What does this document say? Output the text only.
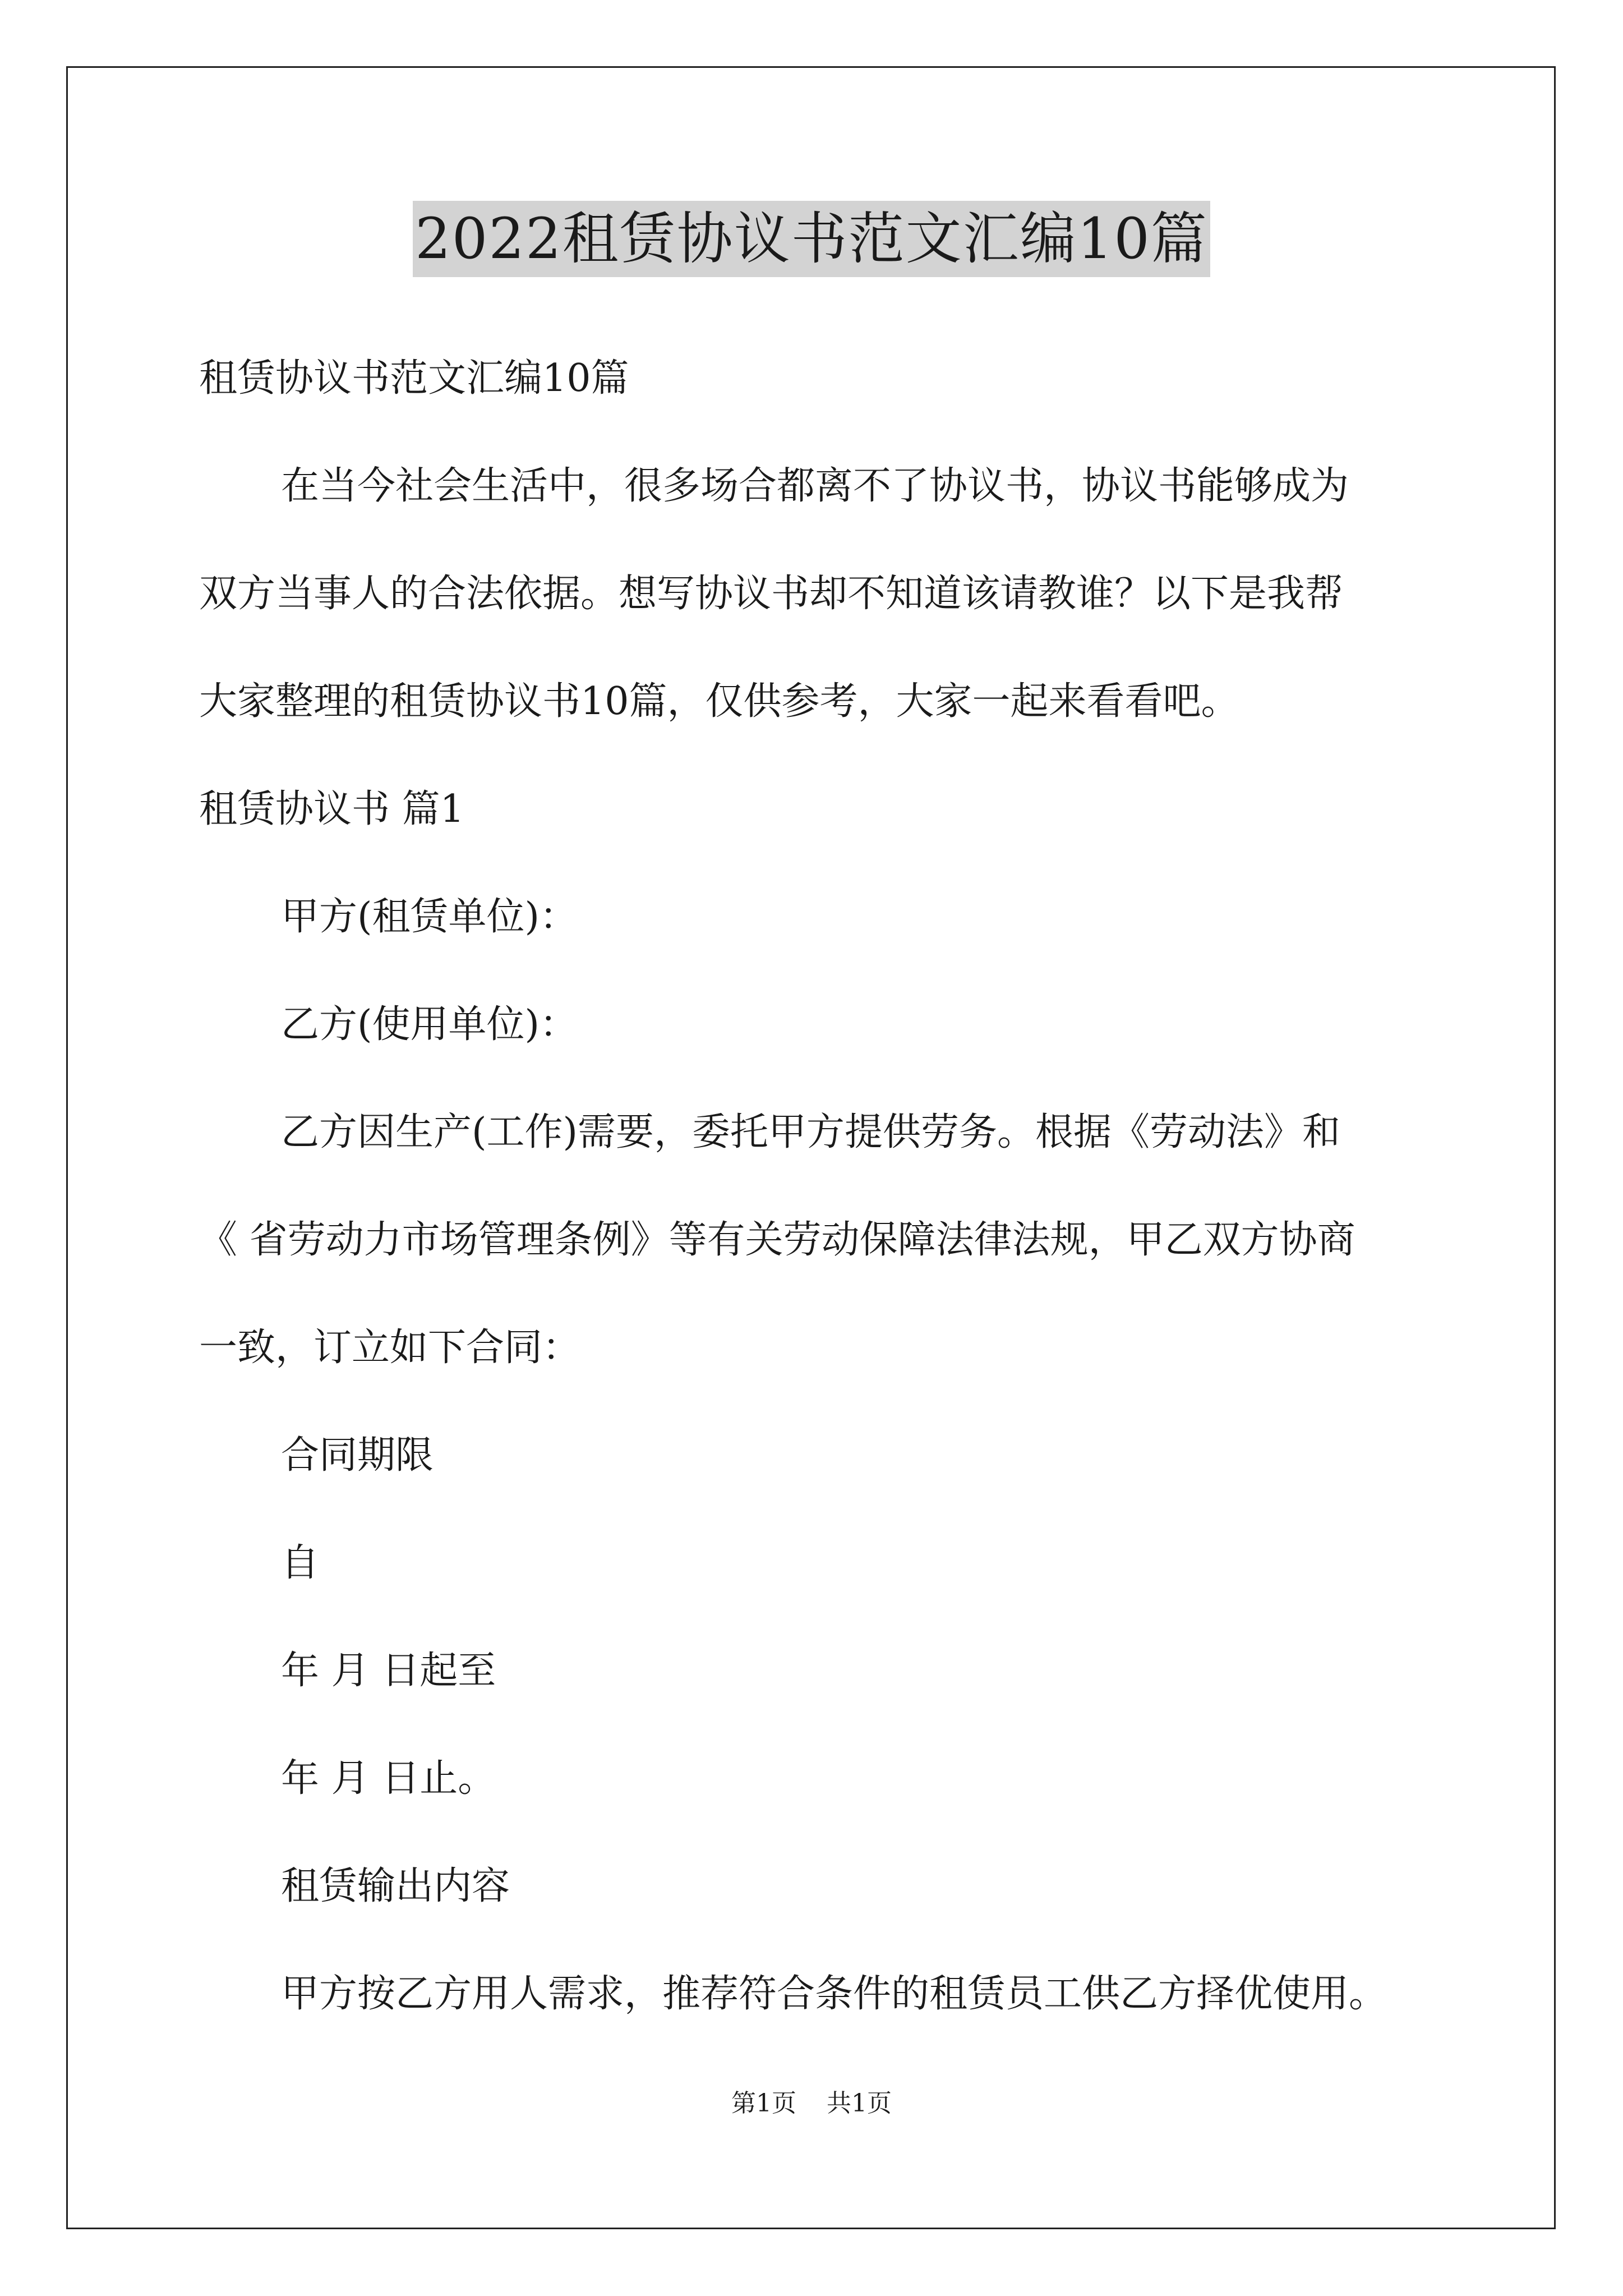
2022租赁协议书范文汇编10篇
租赁协议书范文汇编10篇
在当今社会生活中，很多场合都离不了协议书，协议书能够成为
双方当事人的合法依据。想写协议书却不知道该请教谁？以下是我帮
大家整理的租赁协议书10篇，仅供参考，大家一起来看看吧。
租赁协议书 篇1
甲方(租赁单位)：
乙方(使用单位)：
乙方因生产(工作)需要，委托甲方提供劳务。根据《劳动法》和
《 省劳动力市场管理条例》等有关劳动保障法律法规，甲乙双方协商
一致，订立如下合同：
合同期限
自
年 月 日起至
年 月 日止。
租赁输出内容
甲方按乙方用人需求，推荐符合条件的租赁员工供乙方择优使用。
第1页 共1页
